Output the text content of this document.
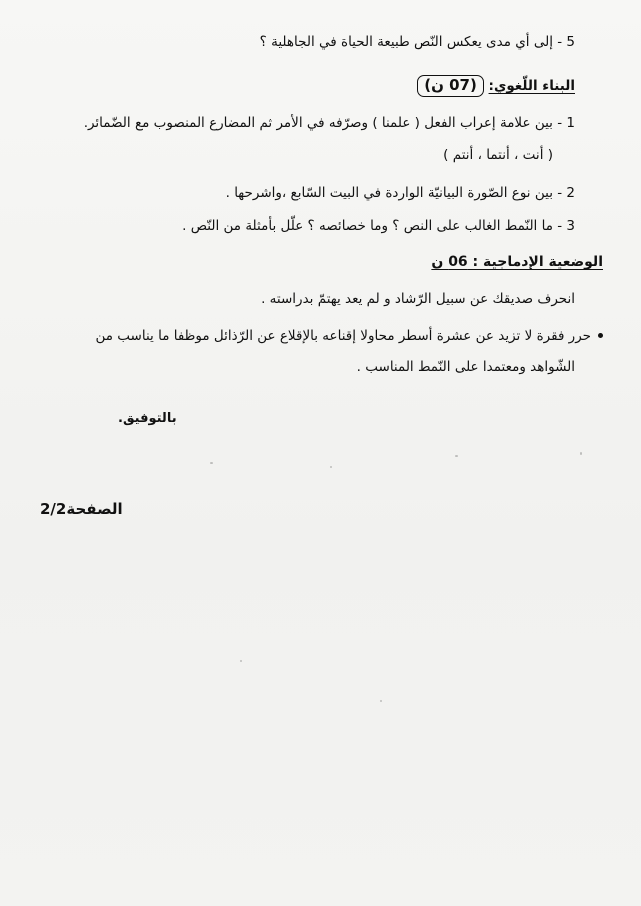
5 - إلى أي مدى يعكس النّص طبيعة الحياة في الجاهلية ؟
البناء اللّغوي: (07 ن)
1 - بين علامة إعراب الفعل ( علمنا ) وصرّفه في الأمر ثم المضارع المنصوب مع الضّمائر.
( أنت ، أنتما ، أنتم )
2 - بين نوع الصّورة البيانيّة الواردة في البيت السّابع ،واشرحها .
3 - ما النّمط الغالب على النص ؟ وما خصائصه ؟ علّل بأمثلة من النّص .
الوضعية الإدماجية : 06 ن
انحرف صديقك عن سبيل الرّشاد و لم يعد يهتمّ بدراسته .
حرر فقرة لا تزيد عن عشرة أسطر محاولا إقناعه بالإقلاع عن الرّذائل موظفا ما يناسب من
الشّواهد ومعتمدا على النّمط المناسب .
بالتوفيق.
الصفحة2/2
